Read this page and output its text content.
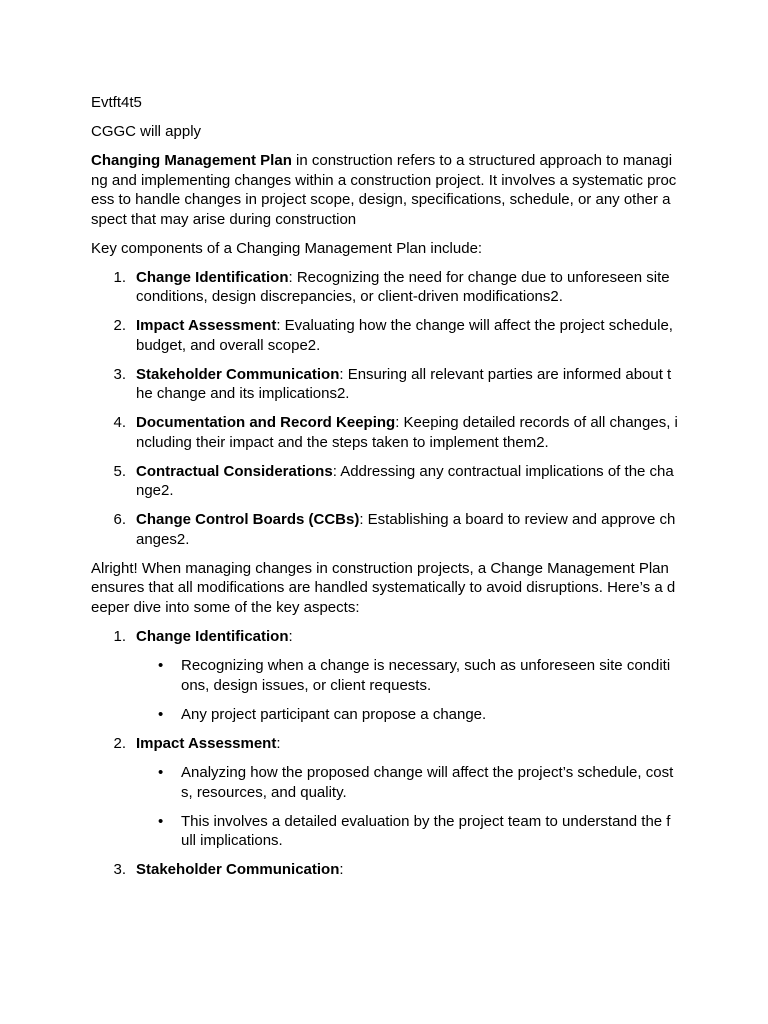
Evtft4t5

CGGC will apply

Changing Management Plan in construction refers to a structured approach to managing and implementing changes within a construction project. It involves a systematic process to handle changes in project scope, design, specifications, schedule, or any other aspect that may arise during construction

Key components of a Changing Management Plan include:

1. Change Identification: Recognizing the need for change due to unforeseen site conditions, design discrepancies, or client-driven modifications2.
2. Impact Assessment: Evaluating how the change will affect the project schedule, budget, and overall scope2.
3. Stakeholder Communication: Ensuring all relevant parties are informed about the change and its implications2.
4. Documentation and Record Keeping: Keeping detailed records of all changes, including their impact and the steps taken to implement them2.
5. Contractual Considerations: Addressing any contractual implications of the change2.
6. Change Control Boards (CCBs): Establishing a board to review and approve changes2.

Alright! When managing changes in construction projects, a Change Management Plan ensures that all modifications are handled systematically to avoid disruptions. Here’s a deeper dive into some of the key aspects:

1. Change Identification:
• Recognizing when a change is necessary, such as unforeseen site conditions, design issues, or client requests.
• Any project participant can propose a change.
2. Impact Assessment:
• Analyzing how the proposed change will affect the project’s schedule, costs, resources, and quality.
• This involves a detailed evaluation by the project team to understand the full implications.
3. Stakeholder Communication:
